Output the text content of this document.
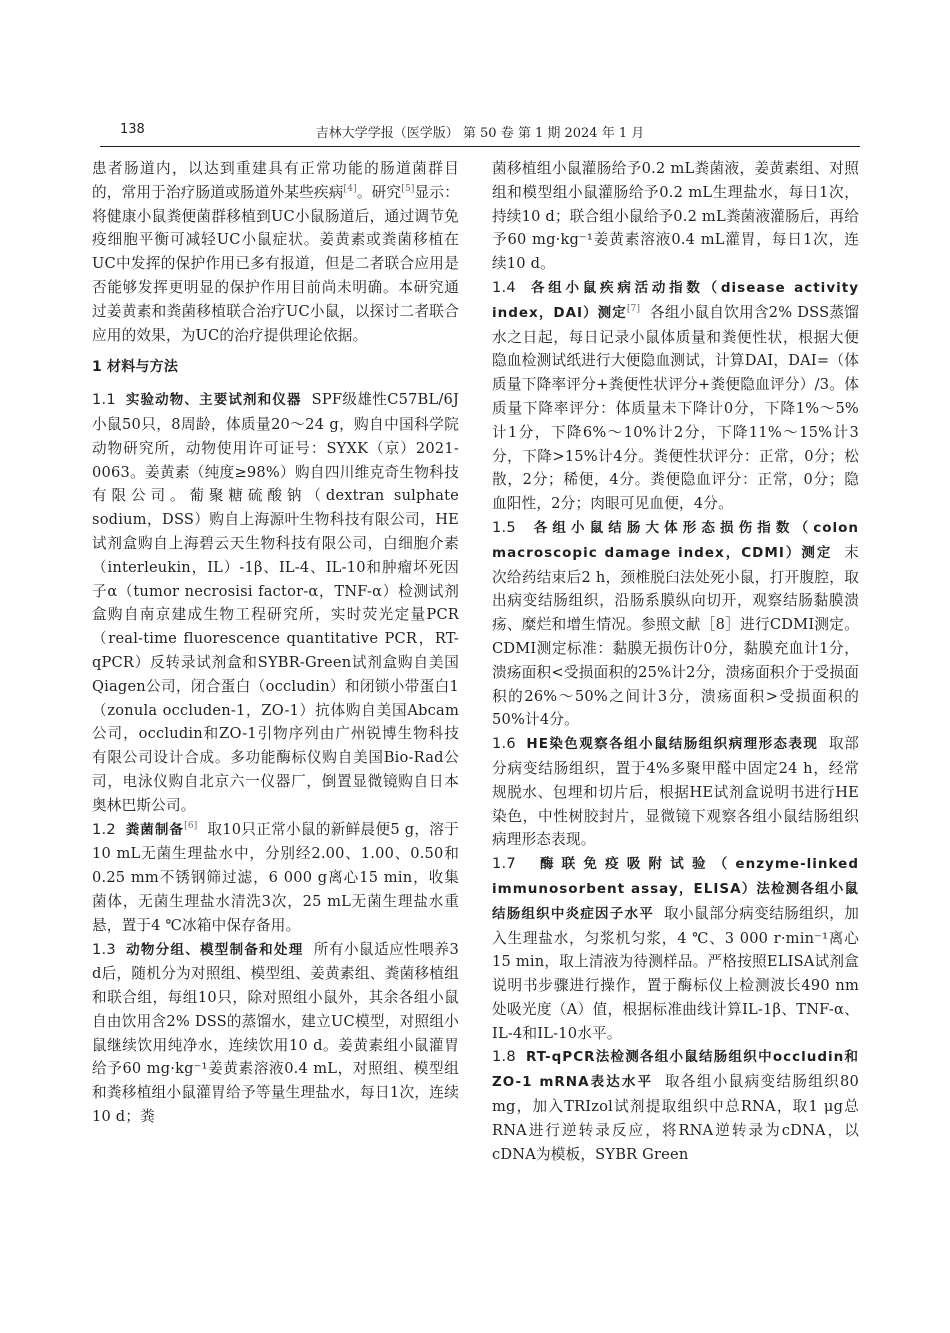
138	吉林大学学报（医学版） 第 50 卷 第 1 期 2024 年 1 月

患者肠道内，以达到重建具有正常功能的肠道菌群目的，常用于治疗肠道或肠道外某些疾病[4]。研究[5]显示：将健康小鼠粪便菌群移植到UC小鼠肠道后，通过调节免疫细胞平衡可减轻UC小鼠症状。姜黄素或粪菌移植在UC中发挥的保护作用已多有报道，但是二者联合应用是否能够发挥更明显的保护作用目前尚未明确。本研究通过姜黄素和粪菌移植联合治疗UC小鼠，以探讨二者联合应用的效果，为UC的治疗提供理论依据。

1 材料与方法

1.1 实验动物、主要试剂和仪器 SPF级雄性C57BL/6J小鼠50只，8周龄，体质量20～24 g，购自中国科学院动物研究所，动物使用许可证号：SYXK（京）2021-0063。姜黄素（纯度≥98%）购自四川维克奇生物科技有限公司。葡聚糖硫酸钠（dextran sulphate sodium，DSS）购自上海源叶生物科技有限公司，HE试剂盒购自上海碧云天生物科技有限公司，白细胞介素（interleukin，IL）-1β、IL-4、IL-10和肿瘤坏死因子α（tumor necrosisi factor-α，TNF-α）检测试剂盒购自南京建成生物工程研究所，实时荧光定量PCR（real-time fluorescence quantitative PCR，RT-qPCR）反转录试剂盒和SYBR-Green试剂盒购自美国Qiagen公司，闭合蛋白（occludin）和闭锁小带蛋白1（zonula occluden-1，ZO-1）抗体购自美国Abcam公司，occludin和ZO-1引物序列由广州锐博生物科技有限公司设计合成。多功能酶标仪购自美国Bio-Rad公司，电泳仪购自北京六一仪器厂，倒置显微镜购自日本奥林巴斯公司。

1.2 粪菌制备[6] 取10只正常小鼠的新鲜晨便5 g，溶于10 mL无菌生理盐水中，分别经2.00、1.00、0.50和0.25 mm不锈钢筛过滤，6 000 g离心15 min，收集菌体，无菌生理盐水清洗3次，25 mL无菌生理盐水重悬，置于4 ℃冰箱中保存备用。

1.3 动物分组、模型制备和处理 所有小鼠适应性喂养3 d后，随机分为对照组、模型组、姜黄素组、粪菌移植组和联合组，每组10只，除对照组小鼠外，其余各组小鼠自由饮用含2% DSS的蒸馏水，建立UC模型，对照组小鼠继续饮用纯净水，连续饮用10 d。姜黄素组小鼠灌胃给予60 mg·kg⁻¹姜黄素溶液0.4 mL，对照组、模型组和粪移植组小鼠灌胃给予等量生理盐水，每日1次，连续10 d；粪

菌移植组小鼠灌肠给予0.2 mL粪菌液，姜黄素组、对照组和模型组小鼠灌肠给予0.2 mL生理盐水，每日1次，持续10 d；联合组小鼠给予0.2 mL粪菌液灌肠后，再给予60 mg·kg⁻¹姜黄素溶液0.4 mL灌胃，每日1次，连续10 d。

1.4 各组小鼠疾病活动指数（disease activity index，DAI）测定[7] 各组小鼠自饮用含2% DSS蒸馏水之日起，每日记录小鼠体质量和粪便性状，根据大便隐血检测试纸进行大便隐血测试，计算DAI，DAI=（体质量下降率评分+粪便性状评分+粪便隐血评分）/3。体质量下降率评分：体质量未下降计0分，下降1%～5%计1分，下降6%～10%计2分，下降11%～15%计3分，下降>15%计4分。粪便性状评分：正常，0分；松散，2分；稀便，4分。粪便隐血评分：正常，0分；隐血阳性，2分；肉眼可见血便，4分。

1.5 各组小鼠结肠大体形态损伤指数（colon macroscopic damage index，CDMI）测定 末次给药结束后2 h，颈椎脱臼法处死小鼠，打开腹腔，取出病变结肠组织，沿肠系膜纵向切开，观察结肠黏膜溃疡、糜烂和增生情况。参照文献［8］进行CDMI测定。CDMI测定标准：黏膜无损伤计0分，黏膜充血计1分，溃疡面积<受损面积的25%计2分，溃疡面积介于受损面积的26%～50%之间计3分，溃疡面积>受损面积的50%计4分。

1.6 HE染色观察各组小鼠结肠组织病理形态表现 取部分病变结肠组织，置于4%多聚甲醛中固定24 h，经常规脱水、包埋和切片后，根据HE试剂盒说明书进行HE染色，中性树胶封片，显微镜下观察各组小鼠结肠组织病理形态表现。

1.7 酶联免疫吸附试验（enzyme-linked immunosorbent assay，ELISA）法检测各组小鼠结肠组织中炎症因子水平 取小鼠部分病变结肠组织，加入生理盐水，匀浆机匀浆，4 ℃、3 000 r·min⁻¹离心15 min，取上清液为待测样品。严格按照ELISA试剂盒说明书步骤进行操作，置于酶标仪上检测波长490 nm处吸光度（A）值，根据标准曲线计算IL-1β、TNF-α、IL-4和IL-10水平。

1.8 RT-qPCR法检测各组小鼠结肠组织中occludin和ZO-1 mRNA表达水平 取各组小鼠病变结肠组织80 mg，加入TRIzol试剂提取组织中总RNA，取1 μg总RNA进行逆转录反应，将RNA逆转录为cDNA，以cDNA为模板，SYBR Green
